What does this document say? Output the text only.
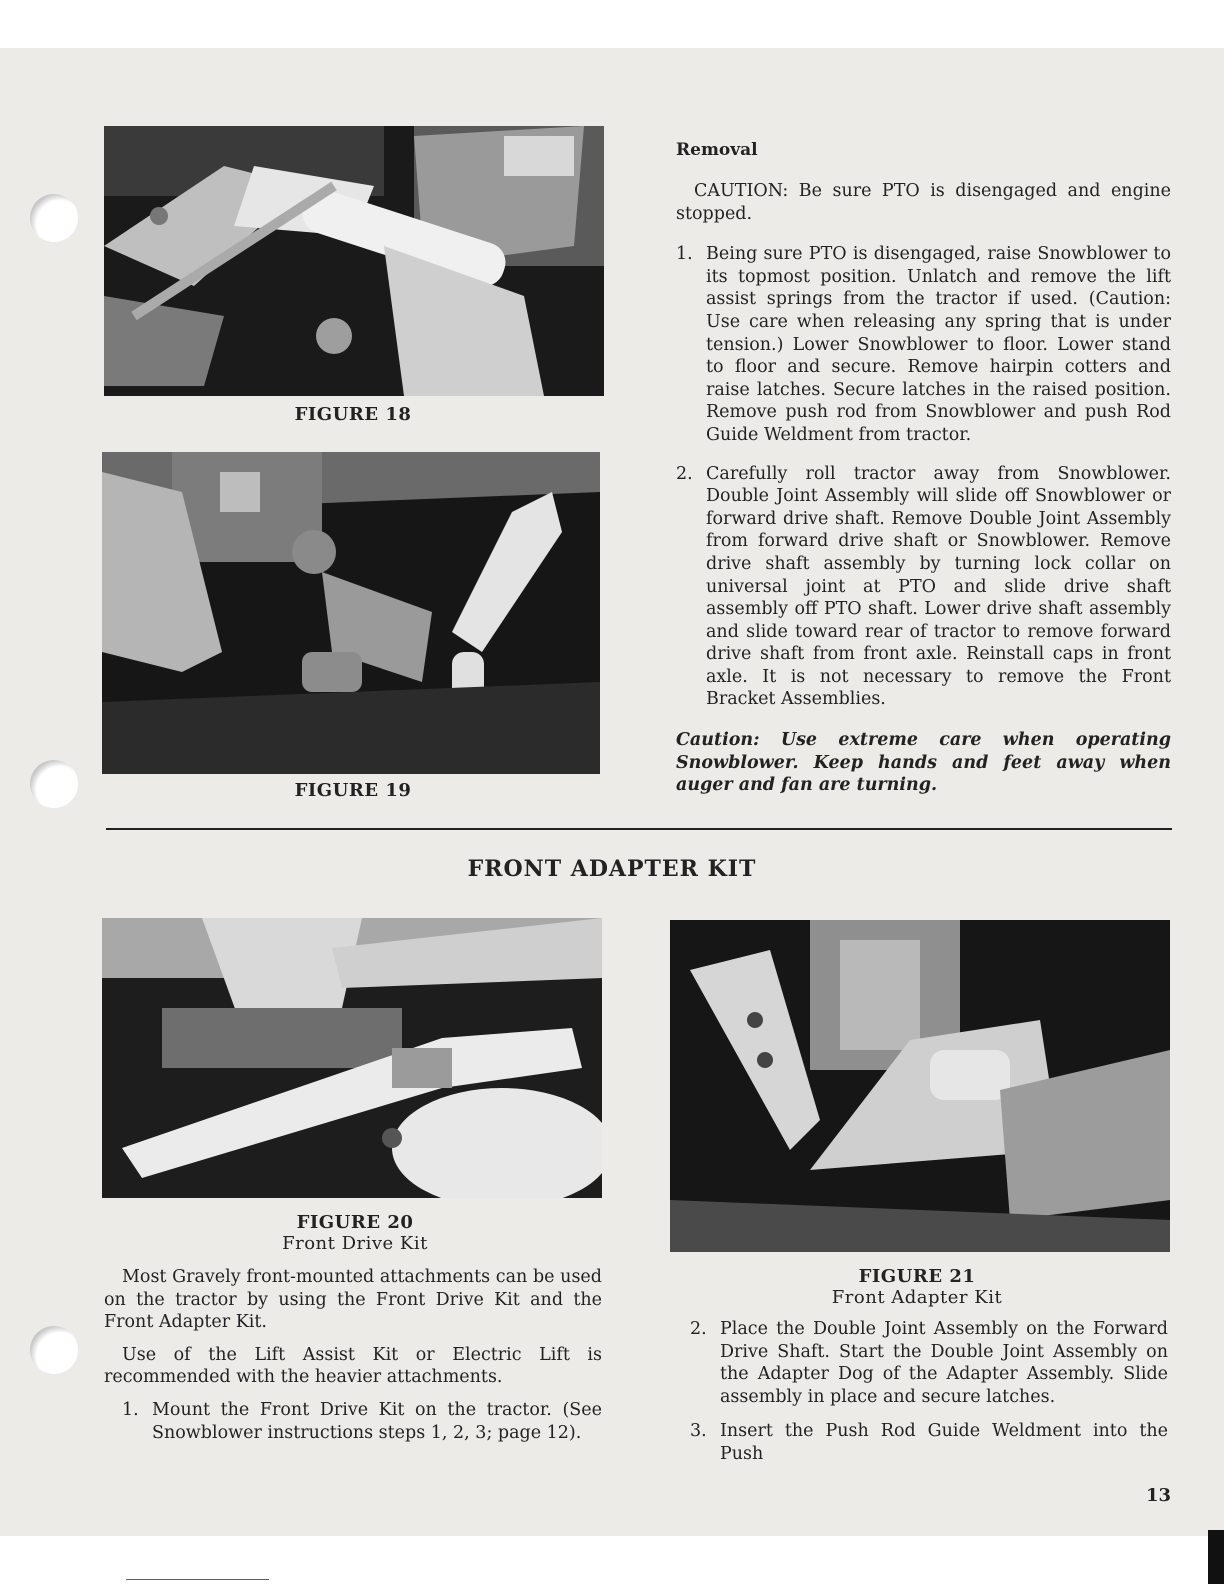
FIGURE 18
FIGURE 19
Removal

CAUTION: Be sure PTO is disengaged and engine stopped.

1. Being sure PTO is disengaged, raise Snowblower to its topmost position. Unlatch and remove the lift assist springs from the tractor if used. (Caution: Use care when releasing any spring that is under tension.) Lower Snowblower to floor. Lower stand to floor and secure. Remove hairpin cotters and raise latches. Secure latches in the raised position. Remove push rod from Snowblower and push Rod Guide Weldment from tractor.
2. Carefully roll tractor away from Snowblower. Double Joint Assembly will slide off Snowblower or forward drive shaft. Remove Double Joint Assembly from forward drive shaft or Snowblower. Remove drive shaft assembly by turning lock collar on universal joint at PTO and slide drive shaft assembly off PTO shaft. Lower drive shaft assembly and slide toward rear of tractor to remove forward drive shaft from front axle. Reinstall caps in front axle. It is not necessary to remove the Front Bracket Assemblies.

Caution: Use extreme care when operating Snowblower. Keep hands and feet away when auger and fan are turning.

FRONT ADAPTER KIT
FIGURE 20
Front Drive Kit
FIGURE 21
Front Adapter Kit

Most Gravely front-mounted attachments can be used on the tractor by using the Front Drive Kit and the Front Adapter Kit.

Use of the Lift Assist Kit or Electric Lift is recommended with the heavier attachments.

1. Mount the Front Drive Kit on the tractor. (See Snowblower instructions steps 1, 2, 3; page 12).
2. Place the Double Joint Assembly on the Forward Drive Shaft. Start the Double Joint Assembly on the Adapter Dog of the Adapter Assembly. Slide assembly in place and secure latches.
3. Insert the Push Rod Guide Weldment into the Push
13
